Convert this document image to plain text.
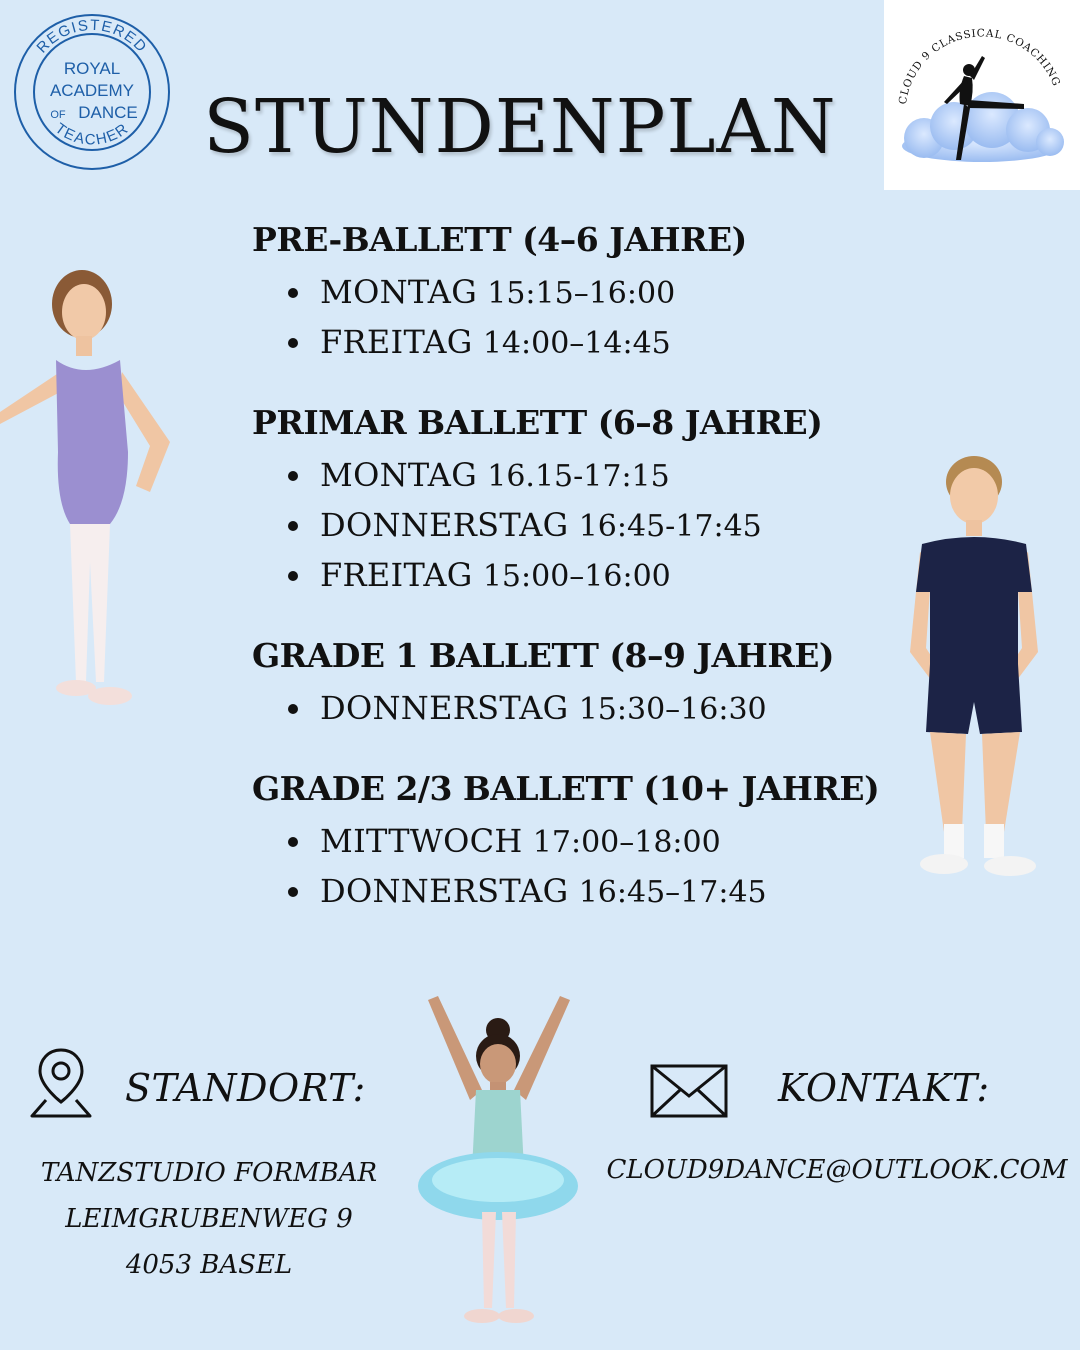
REGISTERED
TEACHER
ROYAL
ACADEMY
OF DANCE STUNDENPLAN	CLOUD 9 CLASSICAL COACHING
PRE-BALLETT (4–6 JAHRE)
MONTAG 15:15–16:00
FREITAG 14:00–14:45
PRIMAR BALLETT (6–8 JAHRE)
MONTAG 16.15-17:15
DONNERSTAG 16:45-17:45
FREITAG 15:00–16:00
GRADE 1 BALLETT (8–9 JAHRE)
DONNERSTAG 15:30–16:30
GRADE 2/3 BALLETT (10+ JAHRE)
MITTWOCH 17:00–18:00
DONNERSTAG 16:45–17:45
STANDORT:
TANZSTUDIO FORMBAR
LEIMGRUBENWEG 9
4053 BASEL
KONTAKT:
CLOUD9DANCE@OUTLOOK.COM
